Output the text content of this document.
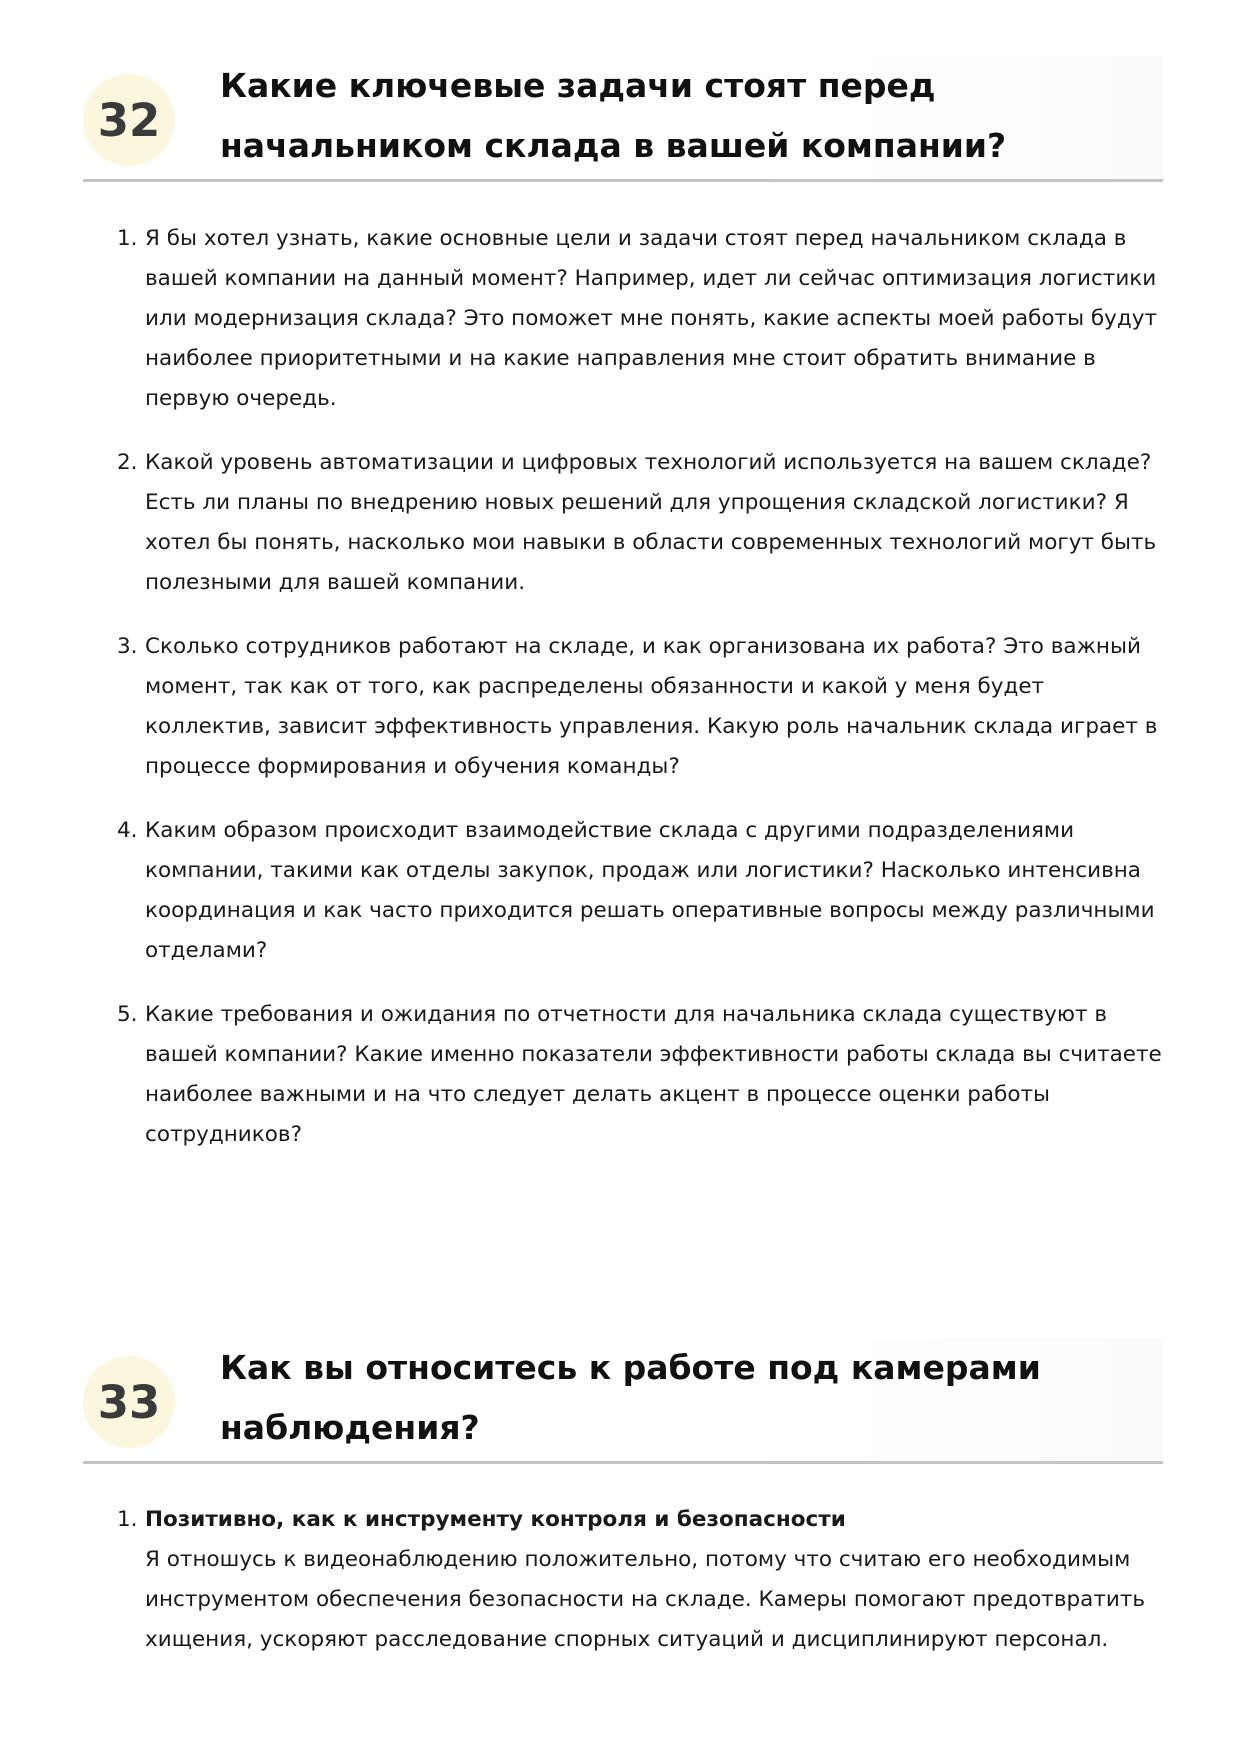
32
Какие ключевые задачи стоят перед начальником склада в вашей компании?
1. Я бы хотел узнать, какие основные цели и задачи стоят перед начальником склада в вашей компании на данный момент? Например, идет ли сейчас оптимизация логистики или модернизация склада? Это поможет мне понять, какие аспекты моей работы будут наиболее приоритетными и на какие направления мне стоит обратить внимание в первую очередь.
2. Какой уровень автоматизации и цифровых технологий используется на вашем складе? Есть ли планы по внедрению новых решений для упрощения складской логистики? Я хотел бы понять, насколько мои навыки в области современных технологий могут быть полезными для вашей компании.
3. Сколько сотрудников работают на складе, и как организована их работа? Это важный момент, так как от того, как распределены обязанности и какой у меня будет коллектив, зависит эффективность управления. Какую роль начальник склада играет в процессе формирования и обучения команды?
4. Каким образом происходит взаимодействие склада с другими подразделениями компании, такими как отделы закупок, продаж или логистики? Насколько интенсивна координация и как часто приходится решать оперативные вопросы между различными отделами?
5. Какие требования и ожидания по отчетности для начальника склада существуют в вашей компании? Какие именно показатели эффективности работы склада вы считаете наиболее важными и на что следует делать акцент в процессе оценки работы сотрудников?
33
Как вы относитесь к работе под камерами наблюдения?
1. Позитивно, как к инструменту контроля и безопасности
Я отношусь к видеонаблюдению положительно, потому что считаю его необходимым инструментом обеспечения безопасности на складе. Камеры помогают предотвратить хищения, ускоряют расследование спорных ситуаций и дисциплинируют персонал.
